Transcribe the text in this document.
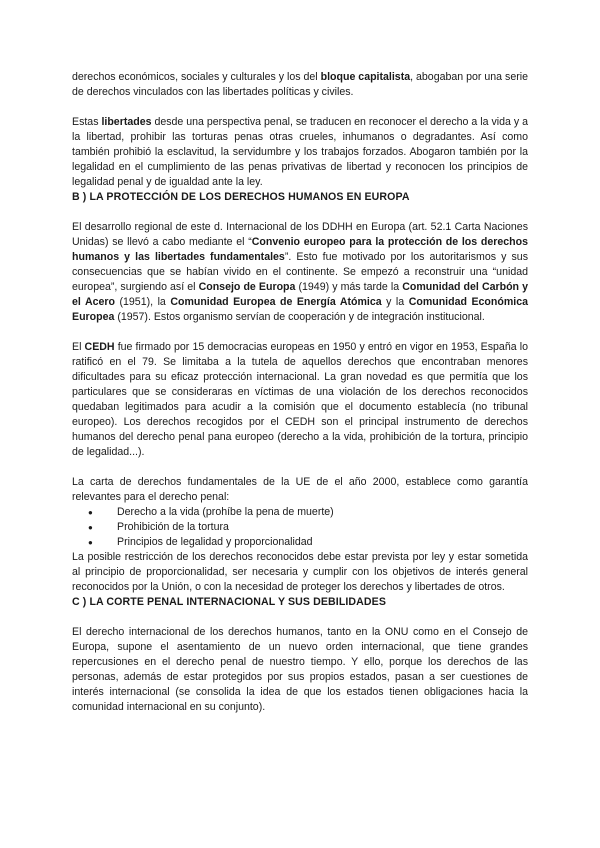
derechos económicos, sociales y culturales y los del bloque capitalista, abogaban por una serie de derechos vinculados con las libertades políticas y civiles.

Estas libertades desde una perspectiva penal, se traducen en reconocer el derecho a la vida y a la libertad, prohibir las torturas penas otras crueles, inhumanos o degradantes. Así como también prohibió la esclavitud, la servidumbre y los trabajos forzados. Abogaron también por la legalidad en el cumplimiento de las penas privativas de libertad y reconocen los principios de legalidad penal y de igualdad ante la ley.

B ) LA PROTECCIÓN DE LOS DERECHOS HUMANOS EN EUROPA

El desarrollo regional de este d. Internacional de los DDHH en Europa (art. 52.1 Carta Naciones Unidas) se llevó a cabo mediante el “Convenio europeo para la protección de los derechos humanos y las libertades fundamentales”. Esto fue motivado por los autoritarismos y sus consecuencias que se habían vivido en el continente. Se empezó a reconstruir una “unidad europea”, surgiendo así el Consejo de Europa (1949) y más tarde la Comunidad del Carbón y el Acero (1951), la Comunidad Europea de Energía Atómica y la Comunidad Económica Europea (1957). Estos organismo servían de cooperación y de integración institucional.

El CEDH fue firmado por 15 democracias europeas en 1950 y entró en vigor en 1953, España lo ratificó en el 79. Se limitaba a la tutela de aquellos derechos que encontraban menores dificultades para su eficaz protección internacional. La gran novedad es que permitía que los particulares que se consideraras en víctimas de una violación de los derechos reconocidos quedaban legitimados para acudir a la comisión que el documento establecía (no tribunal europeo). Los derechos recogidos por el CEDH son el principal instrumento de derechos humanos del derecho penal pana europeo (derecho a la vida, prohibición de la tortura, principio de legalidad...).

La carta de derechos fundamentales de la UE de el año 2000, establece como garantía relevantes para el derecho penal:

● Derecho a la vida (prohíbe la pena de muerte)
● Prohibición de la tortura
● Principios de legalidad y proporcionalidad

La posible restricción de los derechos reconocidos debe estar prevista por ley y estar sometida al principio de proporcionalidad, ser necesaria y cumplir con los objetivos de interés general reconocidos por la Unión, o con la necesidad de proteger los derechos y libertades de otros.

C ) LA CORTE PENAL INTERNACIONAL Y SUS DEBILIDADES

El derecho internacional de los derechos humanos, tanto en la ONU como en el Consejo de Europa, supone el asentamiento de un nuevo orden internacional, que tiene grandes repercusiones en el derecho penal de nuestro tiempo. Y ello, porque los derechos de las personas, además de estar protegidos por sus propios estados, pasan a ser cuestiones de interés internacional (se consolida la idea de que los estados tienen obligaciones hacia la comunidad internacional en su conjunto).
